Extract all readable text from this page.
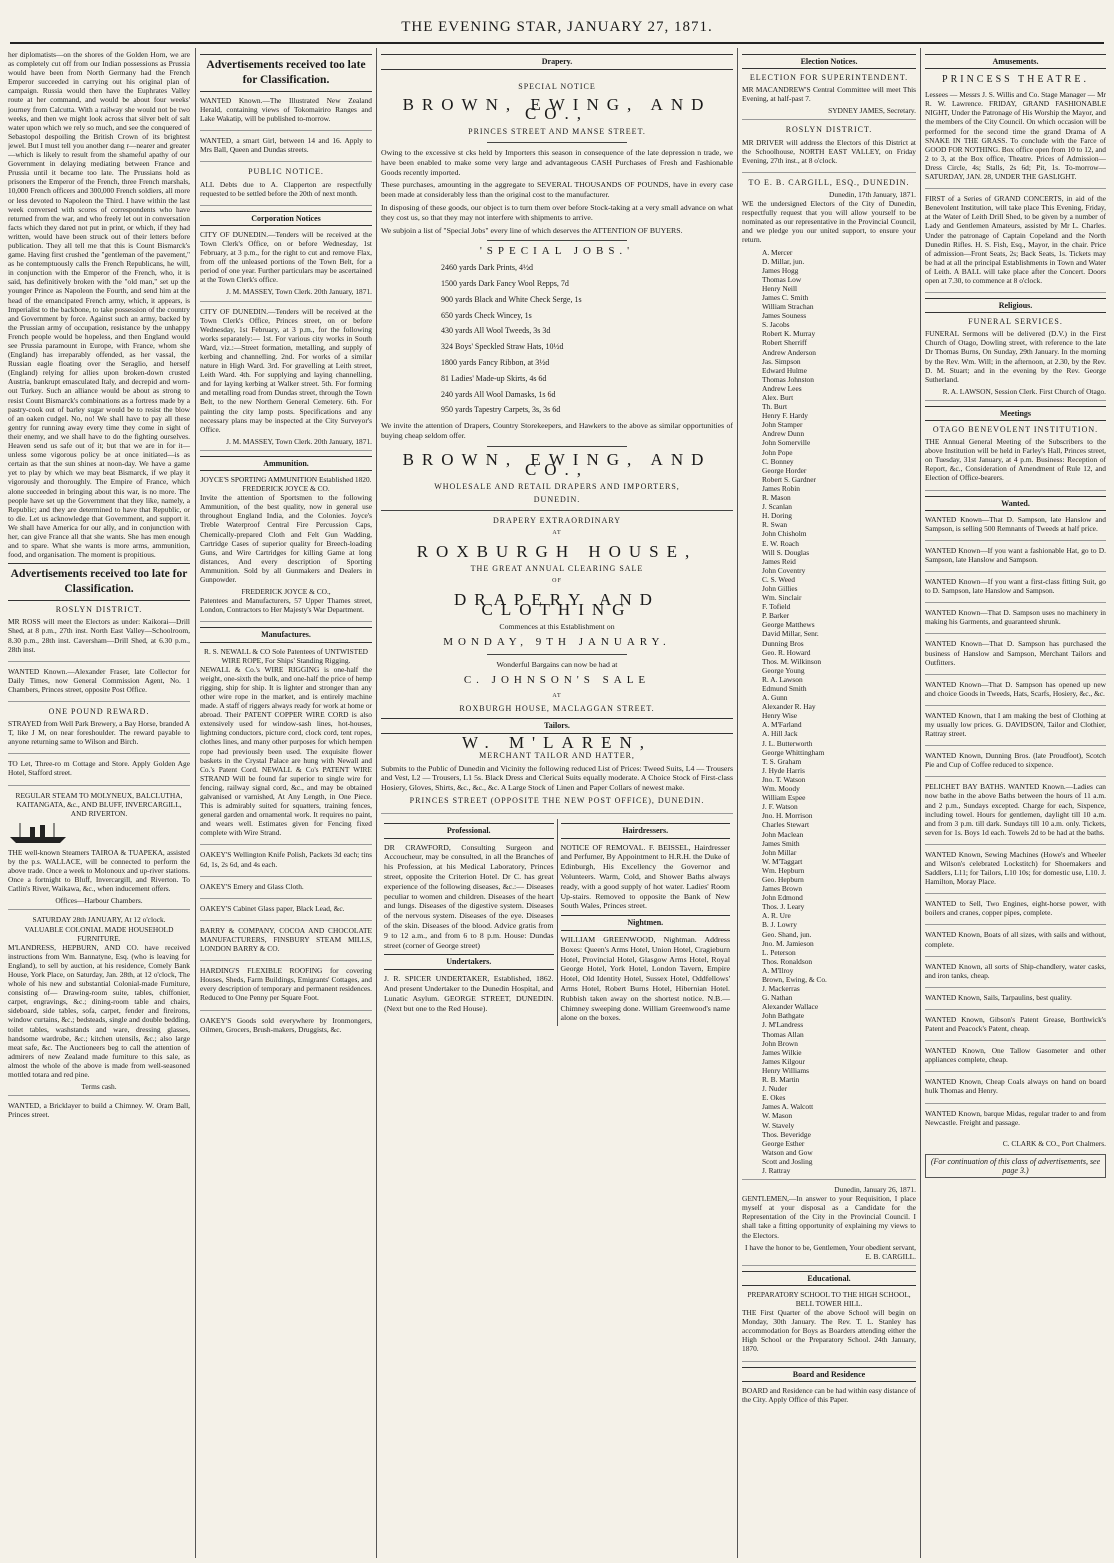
THE EVENING STAR, JANUARY 27, 1871.

her diplomatists—on the shores of the Golden Horn, we are as completely cut off from our Indian possessions as Prussia would have been from North Germany had the French Emperor succeeded in carrying out his original plan of campaign. Russia would then have the Euphrates Valley route at her command, and would be about four weeks' journey from Calcutta. With a railway she would not be two weeks, and then we might look across that silver belt of salt water upon which we rely so much, and see the conquered of Sebastopol despoiling the British Crown of its brightest jewel. But I must tell you another dang r—nearer and greater—which is likely to result from the shameful apathy of our Government in delaying mediating between France and Prussia until it became too late. The Prussians hold as prisoners the Emperor of the French, three French marshals, 10,000 French officers and 300,000 French soldiers, all more or less devoted to Napoleon the Third. I have within the last week conversed with scores of correspondents who have returned from the war, and who freely let out in conversation facts which they dared not put in print, or which, if they had written, would have been struck out of their letters before publication. They all tell me that this is Count Bismarck's game. Having first crushed the "gentleman of the pavement," as he contemptuously calls the French Republicans, he will, in conjunction with the Emperor of the French, who, it is said, has definitively broken with the "old man," set up the younger Prince as Napoleon the Fourth, and send him at the head of the emancipated French army, which, it appears, is Imperialist to the backbone, to take possession of the country and Government by force. Against such an army, backed by the Prussian army of occupation, resistance by the unhappy French people would be hopeless, and then England would see Prussia paramount in Europe, with France, whom she (England) has irreparably offended, as her vassal, the Russian eagle floating over the Seraglio, and herself (England) relying for allies upon broken-down crusted Austria, bankrupt emasculated Italy, and decrepid and worn-out Turkey. Such an alliance would be about as strong to resist Count Bismarck's combinations as a fortress made by a pastry-cook out of barley sugar would be to resist the blow of an oaken cudgel. No, no! We shall have to pay all these gentry for running away every time they come in sight of their enemy, and we shall have to do the fighting ourselves. Heaven send us safe out of it; but that we are in for it—unless some vigorous policy be at once initiated—is as certain as that the sun shines at noon-day. We have a game yet to play by which we may beat Bismarck, if we play it vigorously and thoroughly. The Empire of France, which alone succeeded in bringing about this war, is no more. The people have set up the Government that they like, namely, a Republic; and they are determined to have that Republic, or to die. Let us acknowledge that Government, and support it. We shall have America for our ally, and in conjunction with her, can give France all that she wants. She has men enough and to spare. What she wants is more arms, ammunition, food, and organisation. The moment is propitious.

Advertisements received too late for Classification.
ROSLYN DISTRICT.

MR ROSS will meet the Electors as under: Kaikorai—Drill Shed, at 8 p.m., 27th inst. North East Valley—Schoolroom, 8.30 p.m., 28th inst. Caversham—Drill Shed, at 6.30 p.m., 28th inst.

WANTED Known.—Alexander Fraser, late Collector for Daily Times, now General Commission Agent, No. 1 Chambers, Princes street, opposite Post Office.

ONE POUND REWARD.

STRAYED from Well Park Brewery, a Bay Horse, branded A T, like J M, on near foreshoulder. The reward payable to anyone returning same to Wilson and Birch.

TO Let, Three-ro m Cottage and Store. Apply Golden Age Hotel, Stafford street.

REGULAR STEAM TO MOLYNEUX, BALCLUTHA, KAITANGATA, &c., AND BLUFF, INVERCARGILL, AND RIVERTON.

THE well-known Steamers TAIROA & TUAPEKA, assisted by the p.s. WALLACE, will be connected to perform the above trade. Once a week to Molonoux and up-river stations. Once a fortnight to Bluff, Invercargill, and Riverton. To Catlin's River, Waikawa, &c., when inducement offers.

Offices—Harbour Chambers.
SATURDAY 28th JANUARY, At 12 o'clock.
VALUABLE COLONIAL MADE HOUSEHOLD FURNITURE.

M'LANDRESS, HEPBURN, AND CO. have received instructions from Wm. Bannatyne, Esq. (who is leaving for England), to sell by auction, at his residence, Comely Bank House, York Place, on Saturday, Jan. 28th, at 12 o'clock, The whole of his new and substantial Colonial-made Furniture, consisting of— Drawing-room suite, tables, chiffonier, carpet, engravings, &c.; dining-room table and chairs, sideboard, side tables, sofa, carpet, fender and fireirons, window curtains, &c.; bedsteads, single and double bedding, toilet tables, washstands and ware, dressing glasses, handsome wardrobe, &c.; kitchen utensils, &c.; also large meat safe, &c. The Auctioneers beg to call the attention of admirers of new Zealand made furniture to this sale, as almost the whole of the above is made from well-seasoned mottled totara and red pine.

Terms cash.

WANTED, a Bricklayer to build a Chimney. W. Oram Ball, Princes street.

Advertisements received too late for Classification.

WANTED Known.—The Illustrated New Zealand Herald, containing views of Tokomairiro Ranges and Lake Wakatip, will be published to-morrow.

WANTED, a smart Girl, between 14 and 16. Apply to Mrs Ball, Queen and Dundas streets.

PUBLIC NOTICE.

ALL Debts due to A. Clapperton are respectfully requested to be settled before the 20th of next month.

Corporation Notices

CITY OF DUNEDIN.—Tenders will be received at the Town Clerk's Office, on or before Wednesday, 1st February, at 3 p.m., for the right to cut and remove Flax, from off the unleased portions of the Town Belt, for a period of one year. Further particulars may be ascertained at the Town Clerk's office.

J. M. MASSEY, Town Clerk. 20th January, 1871.

CITY OF DUNEDIN.—Tenders will be received at the Town Clerk's Office, Princes street, on or before Wednesday, 1st February, at 3 p.m., for the following works separately:— 1st. For various city works in South Ward, viz.:—Street formation, metalling, and supply of kerbing and channelling. 2nd. For works of a similar nature in High Ward. 3rd. For gravelling at Leith street, Leith Ward. 4th. For supplying and laying channelling, and for laying kerbing at Walker street. 5th. For forming and metalling road from Dundas street, through the Town Belt, to the new Northern General Cemetery. 6th. For painting the city lamp posts. Specifications and any necessary plans may be inspected at the City Surveyor's Office.

J. M. MASSEY, Town Clerk. 20th January, 1871.
Ammunition.
JOYCE'S SPORTING AMMUNITION Established 1820.
FREDERICK JOYCE & CO.

Invite the attention of Sportsmen to the following Ammunition, of the best quality, now in general use throughout England India, and the Colonies. Joyce's Treble Waterproof Central Fire Percussion Caps, Chemically-prepared Cloth and Felt Gun Wadding, Cartridge Cases of superior quality for Breech-loading Guns, and Wire Cartridges for killing Game at long distances, And every description of Sporting Ammunition. Sold by all Gunmakers and Dealers in Gunpowder.

FREDERICK JOYCE & CO.,

Patentees and Manufacturers, 57 Upper Thames street, London, Contractors to Her Majesty's War Department.

Manufactures.
R. S. NEWALL & CO Sole Patentees of UNTWISTED WIRE ROPE, For Ships' Standing Rigging.

NEWALL & Co.'s WIRE RIGGING is one-half the weight, one-sixth the bulk, and one-half the price of hemp rigging, ship for ship. It is lighter and stronger than any other wire rope in the market, and is entirely machine made. A staff of riggers always ready for work at home or abroad. Their PATENT COPPER WIRE CORD is also extensively used for window-sash lines, hot-houses, lightning conductors, picture cord, clock cord, tent ropes, clothes lines, and many other purposes for which hempen rope had previously been used. The exquisite flower baskets in the Crystal Palace are hung with Newall and Co.'s Patent Cord. NEWALL & Co's PATENT WIRE STRAND Will be found far superior to single wire for fencing, railway signal cord, &c., and may be obtained galvanised or varnished, At Any Length, in One Piece. This is admirably suited for squatters, training fences, general garden and ornamental work. It requires no paint, and wears well. Estimates given for Fencing fixed complete with Wire Strand.

OAKEY'S Wellington Knife Polish, Packets 3d each; tins 6d, 1s, 2s 6d, and 4s each.

OAKEY'S Emery and Glass Cloth.

OAKEY'S Cabinet Glass paper, Black Lead, &c.

BARRY & COMPANY, COCOA AND CHOCOLATE MANUFACTURERS, FINSBURY STEAM MILLS, LONDON BARRY & CO.

HARDING'S FLEXIBLE ROOFING for covering Houses, Sheds, Farm Buildings, Emigrants' Cottages, and every description of temporary and permanent residences. Reduced to One Penny per Square Foot.

OAKEY'S Goods sold everywhere by Ironmongers, Oilmen, Grocers, Brush-makers, Druggists, &c.

Drapery.
SPECIAL NOTICE
BROWN, EWING, AND CO.,
PRINCES STREET AND MANSE STREET.

Owing to the excessive st cks held by Importers this season in consequence of the late depression n trade, we have been enabled to make some very large and advantageous CASH Purchases of Fresh and Fashionable Goods recently imported.

These purchases, amounting in the aggregate to SEVERAL THOUSANDS OF POUNDS, have in every case been made at considerably less than the original cost to the manufacturer.

In disposing of these goods, our object is to turn them over before Stock-taking at a very small advance on what they cost us, so that they may not interfere with shipments to arrive.

We subjoin a list of "Special Jobs" every line of which deserves the ATTENTION OF BUYERS.

'SPECIAL JOBS.'
2460 yards Dark Prints, 4½d
1500 yards Dark Fancy Wool Repps, 7d
900 yards Black and White Check Serge, 1s
650 yards Check Wincey, 1s
430 yards All Wool Tweeds, 3s 3d
324 Boys' Speckled Straw Hats, 10½d
1800 yards Fancy Ribbon, at 3½d
81 Ladies' Made-up Skirts, 4s 6d
240 yards All Wool Damasks, 1s 6d
950 yards Tapestry Carpets, 3s, 3s 6d

We invite the attention of Drapers, Country Storekeepers, and Hawkers to the above as similar opportunities of buying cheap seldom offer.

BROWN, EWING, AND CO.,
WHOLESALE AND RETAIL DRAPERS AND IMPORTERS,
DUNEDIN.
DRAPERY EXTRAORDINARY
AT
ROXBURGH HOUSE,
THE GREAT ANNUAL CLEARING SALE
OF
DRAPERY AND CLOTHING
Commences at this Establishment on
MONDAY, 9TH JANUARY.
Wonderful Bargains can now be had at
C. JOHNSON'S SALE
AT
ROXBURGH HOUSE, MACLAGGAN STREET.
Tailors.
W. M'LAREN,
MERCHANT TAILOR AND HATTER,

Submits to the Public of Dunedin and Vicinity the following reduced List of Prices: Tweed Suits, L4 — Trousers and Vest, L2 — Trousers, L1 5s. Black Dress and Clerical Suits equally moderate. A Choice Stock of First-class Hosiery, Gloves, Shirts, &c., &c., &c. A Large Stock of Linen and Paper Collars of newest make.

PRINCES STREET (OPPOSITE THE NEW POST OFFICE), DUNEDIN.
Professional.

DR CRAWFORD, Consulting Surgeon and Accoucheur, may be consulted, in all the Branches of his Profession, at his Medical Laboratory, Princes street, opposite the Criterion Hotel. Dr C. has great experience of the following diseases, &c.:— Diseases peculiar to women and children. Diseases of the heart and lungs. Diseases of the digestive system. Diseases of the nervous system. Diseases of the eye. Diseases of the skin. Diseases of the blood. Advice gratis from 9 to 12 a.m., and from 6 to 8 p.m. House: Dundas street (corner of George street)

Undertakers.

J. R. SPICER UNDERTAKER, Established, 1862. And present Undertaker to the Dunedin Hospital, and Lunatic Asylum. GEORGE STREET, DUNEDIN. (Next but one to the Red House).

Hairdressers.

NOTICE OF REMOVAL. F. BEISSEL, Hairdresser and Perfumer, By Appointment to H.R.H. the Duke of Edinburgh, His Excellency the Governor and Volunteers. Warm, Cold, and Shower Baths always ready, with a good supply of hot water. Ladies' Room Up-stairs. Removed to opposite the Bank of New South Wales, Princes street.

Nightmen.

WILLIAM GREENWOOD, Nightman. Address Boxes: Queen's Arms Hotel, Union Hotel, Cragieburn Hotel, Provincial Hotel, Glasgow Arms Hotel, Royal George Hotel, York Hotel, London Tavern, Empire Hotel, Old Identity Hotel, Sussex Hotel, Oddfellows' Arms Hotel, Robert Burns Hotel, Hibernian Hotel. Rubbish taken away on the shortest notice. N.B.—Chimney sweeping done. William Greenwood's name alone on the boxes.

Election Notices.
ELECTION FOR SUPERINTENDENT.

MR MACANDREW'S Central Committee will meet This Evening, at half-past 7.

SYDNEY JAMES, Secretary.
ROSLYN DISTRICT.

MR DRIVER will address the Electors of this District at the Schoolhouse, NORTH EAST VALLEY, on Friday Evening, 27th inst., at 8 o'clock.

TO E. B. CARGILL, ESQ., DUNEDIN.
Dunedin, 17th January, 1871.

WE the undersigned Electors of the City of Dunedin, respectfully request that you will allow yourself to be nominated as our representative in the Provincial Council, and we pledge you our united support, to ensure your return.

A. Mercer
D. Millar, jun.
James Hogg
Thomas Low
Henry Neill
James C. Smith
William Strachan
James Souness
S. Jacobs
Robert K. Murray
Robert Sherriff
Andrew Anderson
Jas. Simpson
Edward Hulme
Thomas Johnston
Andrew Lees
Alex. Burt
Th. Burt
Henry F. Hardy
John Stamper
Andrew Dunn
John Somerville
John Pope
C. Bonney
George Horder
Robert S. Gardner
James Robin
R. Mason
J. Scanlan
H. Doring
R. Swan
John Chisholm
E. W. Roach
Will S. Douglas
James Reid
John Coventry
C. S. Weed
John Gillies
Wm. Sinclair
F. Tofield
P. Barker
George Matthews
David Millar, Senr.
Dunning Bros
Geo. R. Howard
Thos. M. Wilkinson
George Young
R. A. Lawson
Edmund Smith
A. Gunn
Alexander R. Hay
Henry Wise
A. M'Farland
A. Hill Jack
J. L. Butterworth
George Whittingham
T. S. Graham
J. Hyde Harris
Jno. T. Watson
Wm. Moody
William Espee
J. F. Watson
Jno. H. Morrison
Charles Stewart
John Maclean
James Smith
John Millar
W. M'Taggart
Wm. Hepburn
Geo. Hepburn
James Brown
John Edmond
Thos. J. Leary
A. R. Ure
B. J. Lowry
Geo. Shand, jun.
Jno. M. Jamieson
L. Peterson
Thos. Ronaldson
A. M'Ilroy
Brown, Ewing, & Co.
J. Mackerras
G. Nathan
Alexander Wallace
John Bathgate
J. M'Landress
Thomas Allan
John Brown
James Wilkie
James Kilgour
Henry Williams
R. B. Martin
J. Nuder
E. Okes
James A. Walcott
W. Mason
W. Stavely
Thos. Beveridge
George Esther
Watson and Gow
Scott and Josling
J. Rattray
Dunedin, January 26, 1871.

GENTLEMEN,—In answer to your Requisition, I place myself at your disposal as a Candidate for the Representation of the City in the Provincial Council. I shall take a fitting opportunity of explaining my views to the Electors.

I have the honor to be, Gentlemen, Your obedient servant, E. B. CARGILL.
Educational.
PREPARATORY SCHOOL TO THE HIGH SCHOOL, BELL TOWER HILL.

THE First Quarter of the above School will begin on Monday, 30th January. The Rev. T. L. Stanley has accommodation for Boys as Boarders attending either the High School or the Preparatory School. 24th January, 1870.

Board and Residence

BOARD and Residence can be had within easy distance of the City. Apply Office of this Paper.

Amusements.
PRINCESS THEATRE.

Lessees — Messrs J. S. Willis and Co. Stage Manager — Mr R. W. Lawrence. FRIDAY, GRAND FASHIONABLE NIGHT, Under the Patronage of His Worship the Mayor, and the members of the City Council. On which occasion will be performed for the second time the grand Drama of A SNAKE IN THE GRASS. To conclude with the Farce of GOOD FOR NOTHING. Box office open from 10 to 12, and 2 to 3, at the Box office, Theatre. Prices of Admission—Dress Circle, 4s; Stalls, 2s 6d; Pit, 1s. To-morrow—SATURDAY, JAN. 28, UNDER THE GASLIGHT.

FIRST of a Series of GRAND CONCERTS, in aid of the Benevolent Institution, will take place This Evening, Friday, at the Water of Leith Drill Shed, to be given by a number of Lady and Gentlemen Amateurs, assisted by Mr L. Charles. Under the patronage of Captain Copeland and the North Dunedin Rifles. H. S. Fish, Esq., Mayor, in the chair. Price of admission—Front Seats, 2s; Back Seats, 1s. Tickets may be had at all the principal Establishments in Town and Water of Leith. A BALL will take place after the Concert. Doors open at 7.30, to commence at 8 o'clock.

Religious.
FUNERAL SERVICES.

FUNERAL Sermons will be delivered (D.V.) in the First Church of Otago, Dowling street, with reference to the late Dr Thomas Burns, On Sunday, 29th January. In the morning by the Rev. Wm. Will; in the afternoon, at 2.30, by the Rev. D. M. Stuart; and in the evening by the Rev. George Sutherland.

R. A. LAWSON, Session Clerk. First Church of Otago.
Meetings
OTAGO BENEVOLENT INSTITUTION.

THE Annual General Meeting of the Subscribers to the above Institution will be held in Farley's Hall, Princes street, on Tuesday, 31st January, at 4 p.m. Business: Reception of Report, &c., Consideration of Amendment of Rule 12, and Election of Office-bearers.

Wanted.

WANTED Known—That D. Sampson, late Hanslow and Sampson, is selling 500 Remnants of Tweeds at half price.

WANTED Known—If you want a fashionable Hat, go to D. Sampson, late Hanslow and Sampson.

WANTED Known—If you want a first-class fitting Suit, go to D. Sampson, late Hanslow and Sampson.

WANTED Known—That D. Sampson uses no machinery in making his Garments, and guaranteed shrunk.

WANTED Known—That D. Sampson has purchased the business of Hanslow and Sampson, Merchant Tailors and Outfitters.

WANTED Known—That D. Sampson has opened up new and choice Goods in Tweeds, Hats, Scarfs, Hosiery, &c., &c.

WANTED Known, that I am making the best of Clothing at my usually low prices. G. DAVIDSON, Tailor and Clothier, Rattray street.

WANTED Known, Dunning Bros. (late Proudfoot), Scotch Pie and Cup of Coffee reduced to sixpence.

PELICHET BAY BATHS. WANTED Known.—Ladies can now bathe in the above Baths between the hours of 11 a.m. and 2 p.m., Sundays excepted. Charge for each, Sixpence, including towel. Hours for gentlemen, daylight till 10 a.m. and from 3 p.m. till dark. Sundays till 10 a.m. only. Tickets, seven for 1s. Boys 1d each. Towels 2d to be had at the baths.

WANTED Known, Sewing Machines (Howe's and Wheeler and Wilson's celebrated Lockstitch) for Shoemakers and Saddlers, L11; for Tailors, L10 10s; for domestic use, L10. J. Hamilton, Moray Place.

WANTED to Sell, Two Engines, eight-horse power, with boilers and cranes, copper pipes, complete.

WANTED Known, Boats of all sizes, with sails and without, complete.

WANTED Known, all sorts of Ship-chandlery, water casks, and iron tanks, cheap.

WANTED Known, Sails, Tarpaulins, best quality.

WANTED Known, Gibson's Patent Grease, Borthwick's Patent and Peacock's Patent, cheap.

WANTED Known, One Tallow Gasometer and other appliances complete, cheap.

WANTED Known, Cheap Coals always on hand on board hulk Thomas and Henry.

WANTED Known, barque Midas, regular trader to and from Newcastle. Freight and passage.

C. CLARK & CO., Port Chalmers.
(For continuation of this class of advertisements, see page 3.)
